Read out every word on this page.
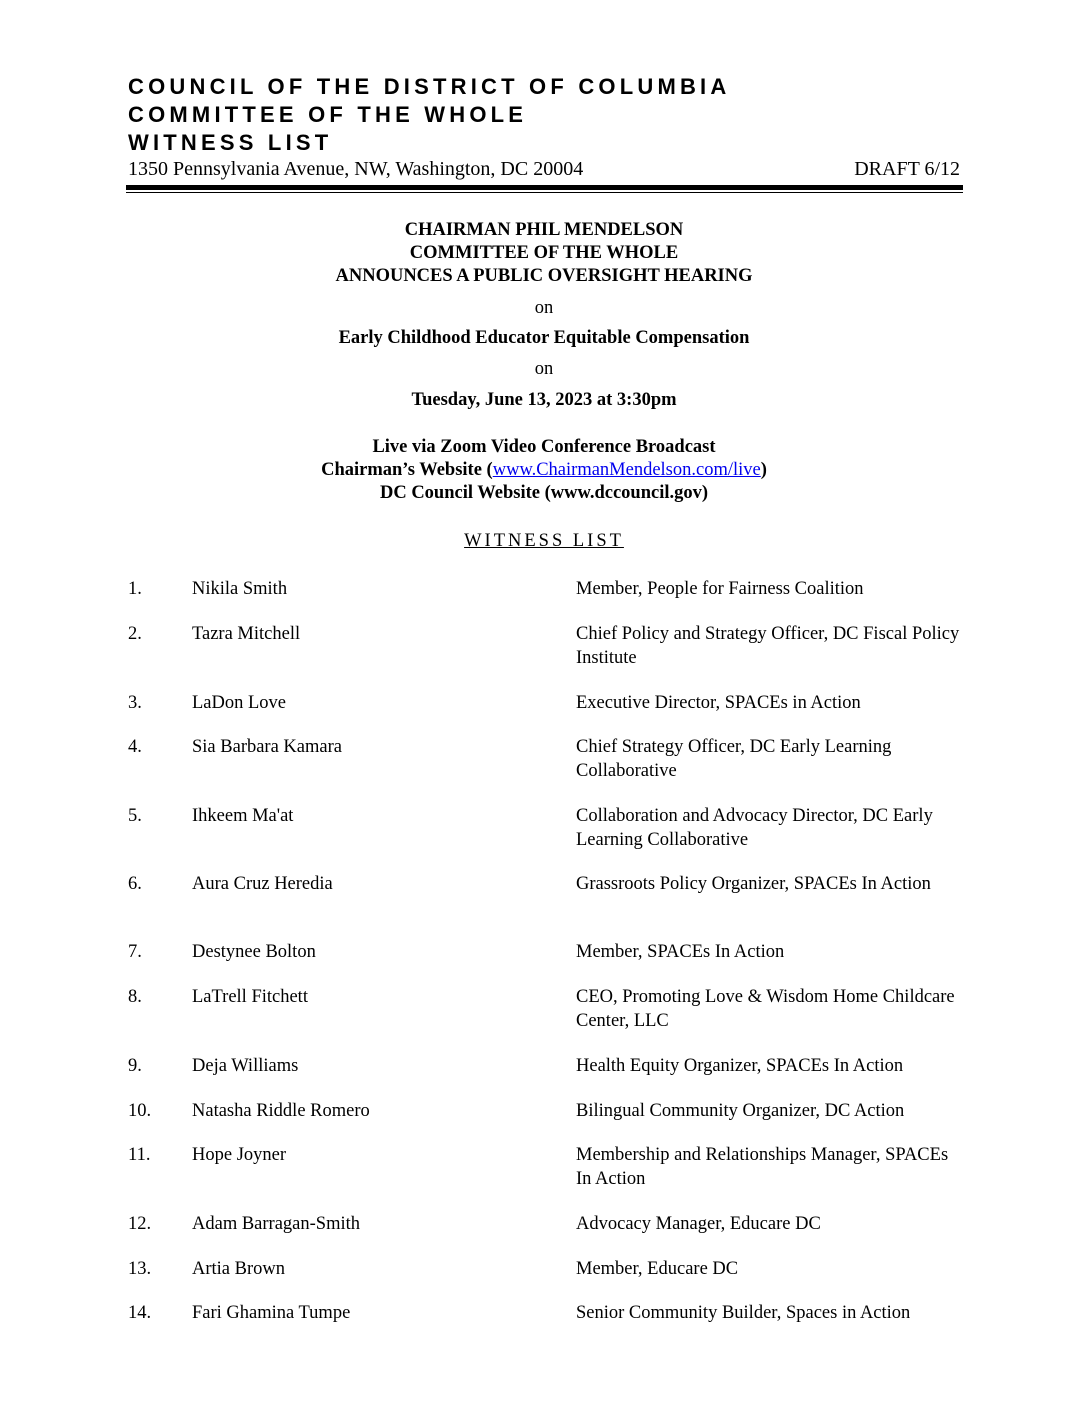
COUNCIL OF THE DISTRICT OF COLUMBIA
COMMITTEE OF THE WHOLE
WITNESS LIST
1350 Pennsylvania Avenue, NW, Washington, DC 20004	DRAFT 6/12
CHAIRMAN PHIL MENDELSON
COMMITTEE OF THE WHOLE
ANNOUNCES A PUBLIC OVERSIGHT HEARING
on
Early Childhood Educator Equitable Compensation
on
Tuesday, June 13, 2023 at 3:30pm
Live via Zoom Video Conference Broadcast
Chairman’s Website (www.ChairmanMendelson.com/live)
DC Council Website (www.dccouncil.gov)
WITNESS LIST
1.	Nikila Smith	Member, People for Fairness Coalition
2.	Tazra Mitchell	Chief Policy and Strategy Officer, DC Fiscal Policy Institute
3.	LaDon Love	Executive Director, SPACEs in Action
4.	Sia Barbara Kamara	Chief Strategy Officer, DC Early Learning Collaborative
5.	Ihkeem Ma'at	Collaboration and Advocacy Director, DC Early Learning Collaborative
6.	Aura Cruz Heredia	Grassroots Policy Organizer, SPACEs In Action
7.	Destynee Bolton	Member, SPACEs In Action
8.	LaTrell Fitchett	CEO, Promoting Love & Wisdom Home Childcare Center, LLC
9.	Deja Williams	Health Equity Organizer, SPACEs In Action
10. Natasha Riddle Romero	Bilingual Community Organizer, DC Action
11. Hope Joyner	Membership and Relationships Manager, SPACEs In Action
12. Adam Barragan-Smith	Advocacy Manager, Educare DC
13. Artia Brown	Member, Educare DC
14. Fari Ghamina Tumpe	Senior Community Builder, Spaces in Action
